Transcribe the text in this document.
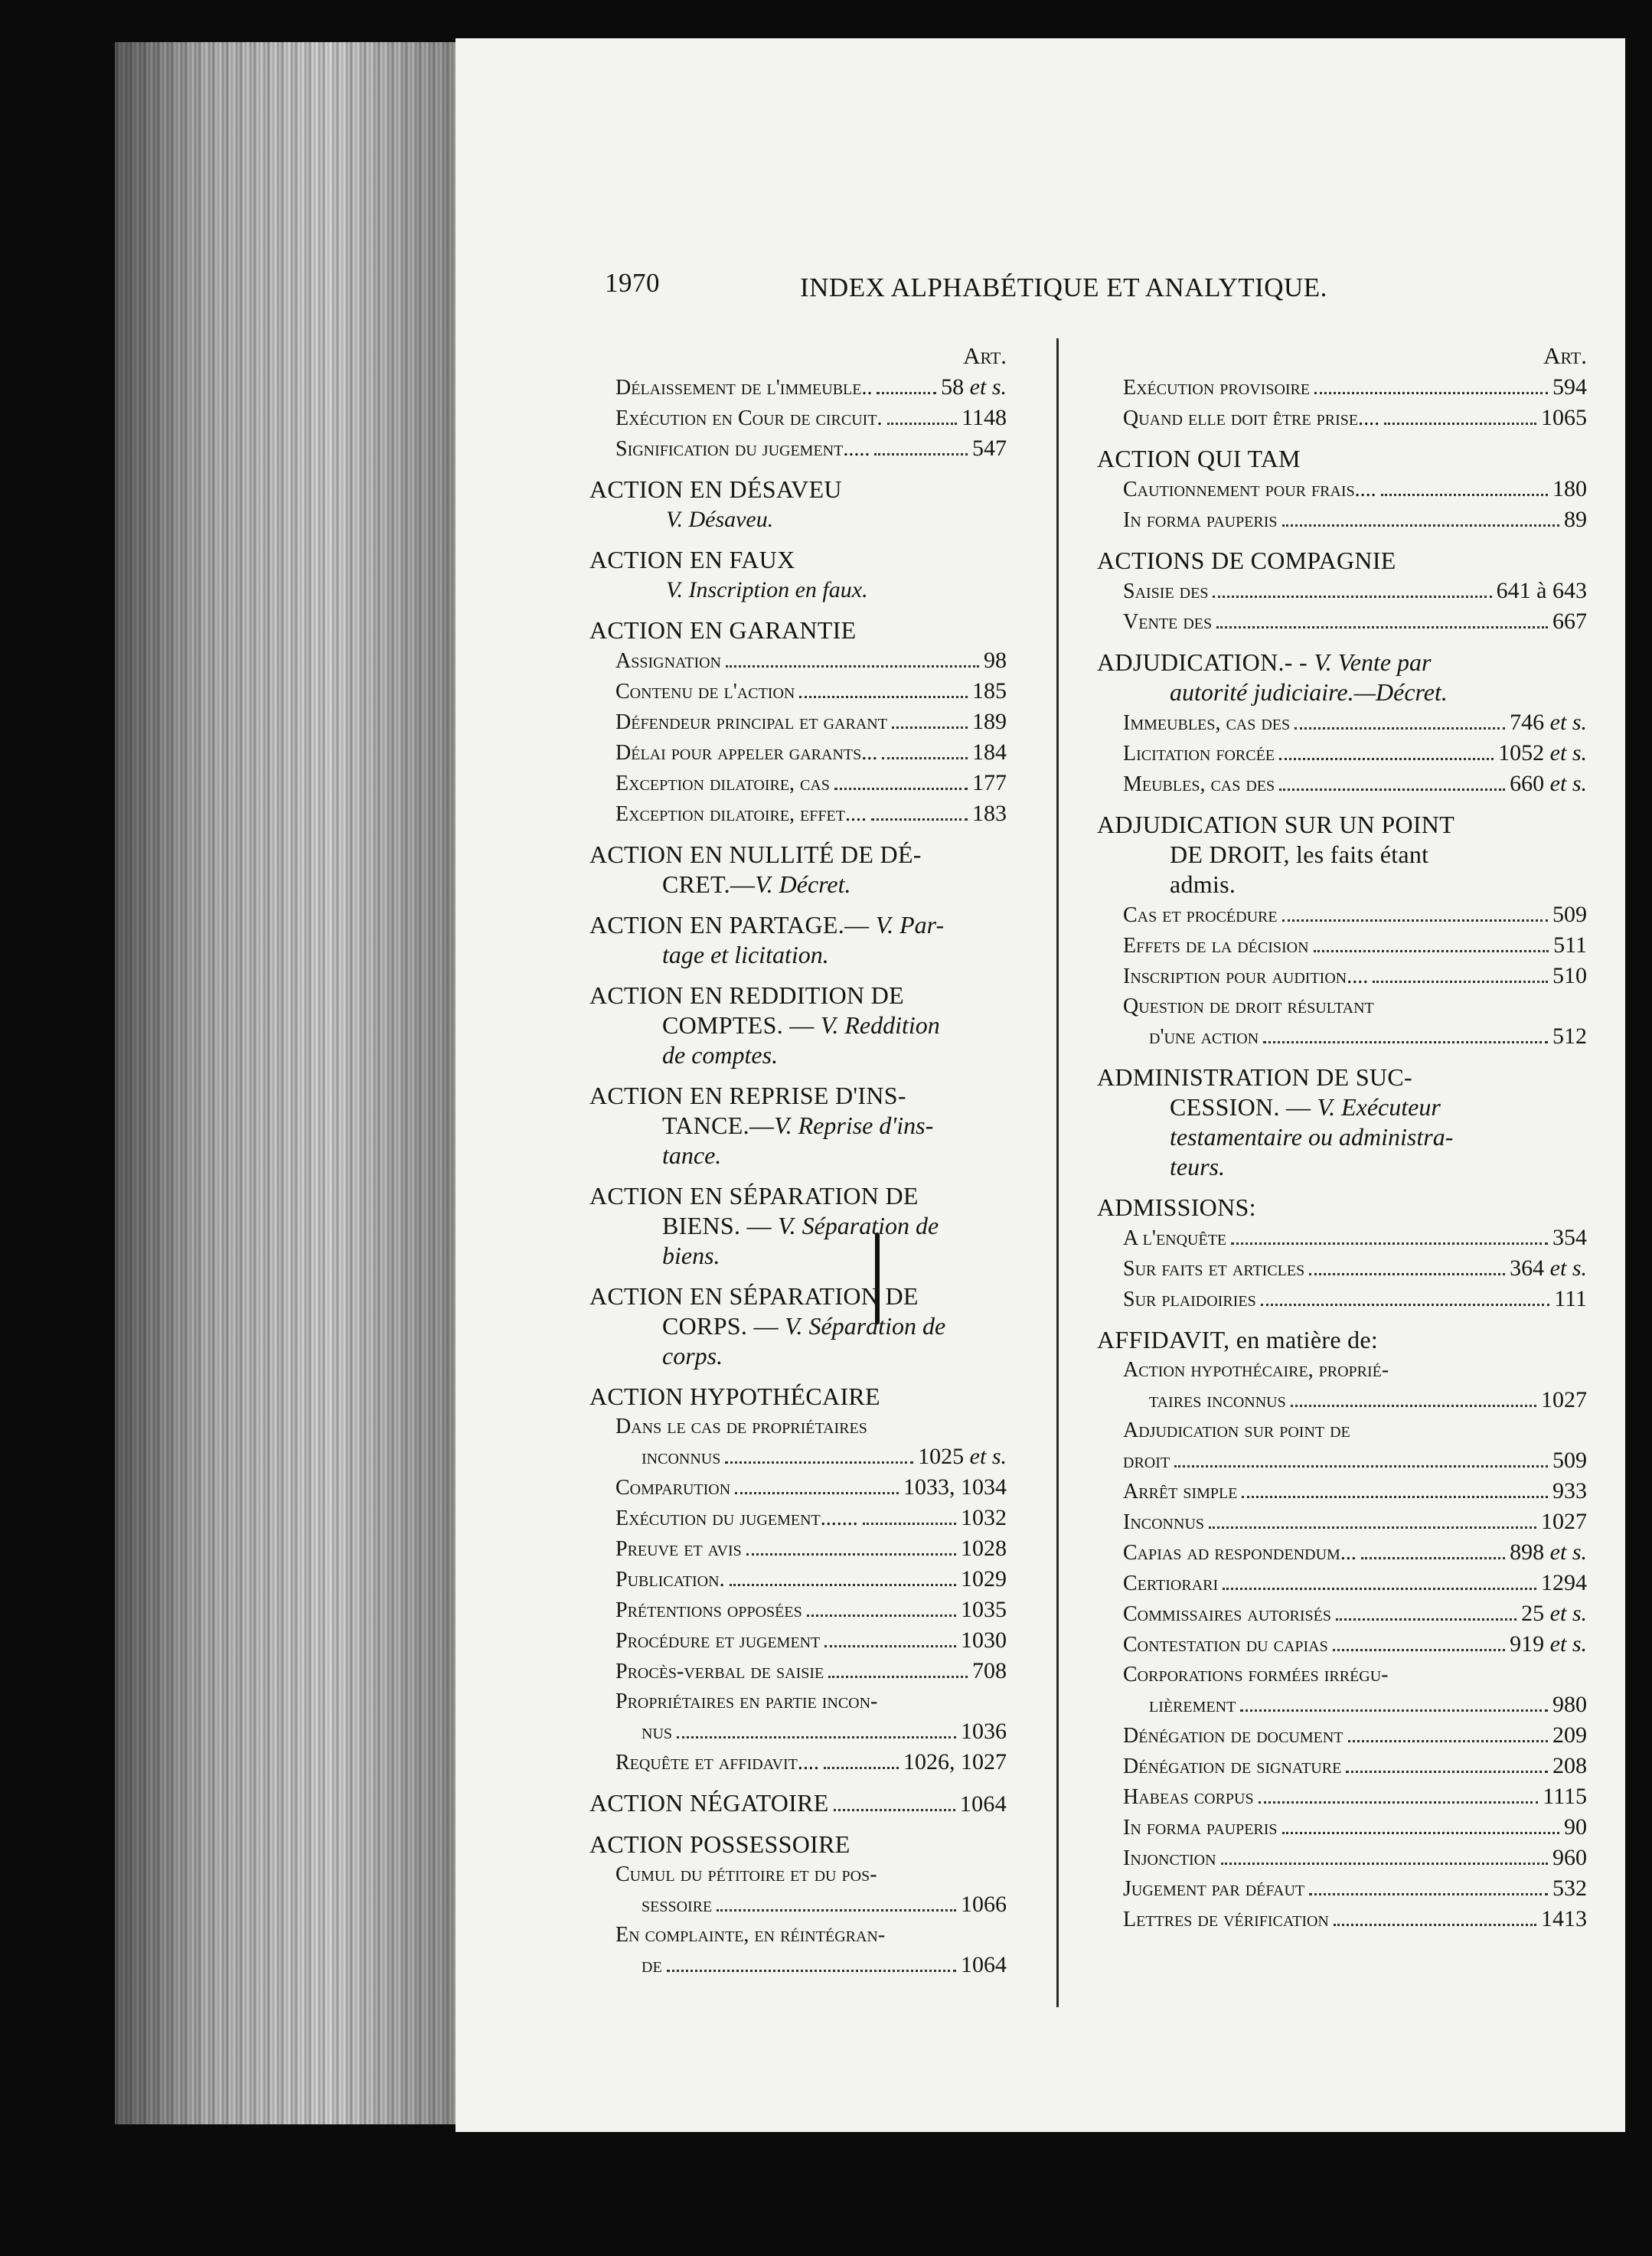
1970	INDEX ALPHABÉTIQUE ET ANALYTIQUE.
Art.
Délaissement de l'immeuble..	58 et s.
Exécution en Cour de circuit.	1148
Signification du jugement.....	547
ACTION EN DÉSAVEU
V. Désaveu.
ACTION EN FAUX
V. Inscription en faux.
ACTION EN GARANTIE
Assignation	98
Contenu de l'action	185
Défendeur principal et garant	189
Délai pour appeler garants...	184
Exception dilatoire, cas	177
Exception dilatoire, effet....	183
ACTION EN NULLITÉ DE DÉ-
CRET.—V. Décret.
ACTION EN PARTAGE.— V. Par-
tage et licitation.
ACTION EN REDDITION DE
COMPTES. — V. Reddition
de comptes.
ACTION EN REPRISE D'INS-
TANCE.—V. Reprise d'ins-
tance.
ACTION EN SÉPARATION DE
BIENS. — V. Séparation de
biens.
ACTION EN SÉPARATION DE
CORPS. — V. Séparation de
corps.
ACTION HYPOTHÉCAIRE
Dans le cas de propriétaires
inconnus	1025 et s.
Comparution	1033, 1034
Exécution du jugement.......	1032
Preuve et avis	1028
Publication.	1029
Prétentions opposées	1035
Procédure et jugement	1030
Procès-verbal de saisie	708
Propriétaires en partie incon-
nus	1036
Requête et affidavit....	1026, 1027
ACTION NÉGATOIRE	1064
ACTION POSSESSOIRE
Cumul du pétitoire et du pos-
sessoire	1066
En complainte, en réintégran-
de	1064
Art.
Exécution provisoire	594
Quand elle doit être prise....	1065
ACTION QUI TAM
Cautionnement pour frais....	180
In forma pauperis	89
ACTIONS DE COMPAGNIE
Saisie des	641 à 643
Vente des	667
ADJUDICATION.- - V. Vente par
autorité judiciaire.—Décret.
Immeubles, cas des	746 et s.
Licitation forcée	1052 et s.
Meubles, cas des	660 et s.
ADJUDICATION SUR UN POINT
DE DROIT, les faits étant
admis.
Cas et procédure	509
Effets de la décision	511
Inscription pour audition....	510
Question de droit résultant
d'une action	512
ADMINISTRATION DE SUC-
CESSION. — V. Exécuteur
testamentaire ou administra-
teurs.
ADMISSIONS:
A l'enquête	354
Sur faits et articles	364 et s.
Sur plaidoiries	111
AFFIDAVIT, en matière de:
Action hypothécaire, proprié-
taires inconnus	1027
Adjudication sur point de
droit	509
Arrêt simple	933
Inconnus	1027
Capias ad respondendum...	898 et s.
Certiorari	1294
Commissaires autorisés	25 et s.
Contestation du capias	919 et s.
Corporations formées irrégu-
lièrement	980
Dénégation de document	209
Dénégation de signature	208
Habeas corpus	1115
In forma pauperis	90
Injonction	960
Jugement par défaut	532
Lettres de vérification	1413
